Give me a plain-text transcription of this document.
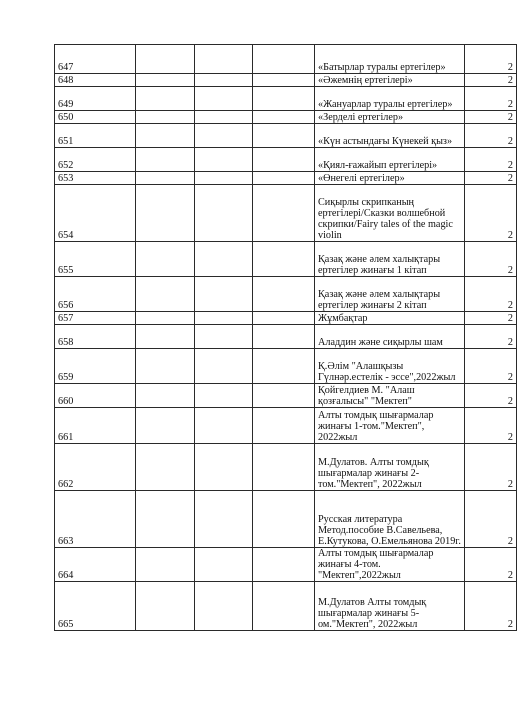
647				«Батырлар туралы ертегілер»	2
648				«Әжемнің ертегілері»	2
649				«Жануарлар туралы ертегілер»	2
650				«Зерделі ертегілер»	2
651				«Күн астындағы Күнекей қыз»	2
652				«Қиял-ғажайып ертегілері»	2
653				«Өнегелі ертегілер»	2
654				Сиқырлы скрипканың ертегілері/Сказки волшебной скрипки/Fairy tales of the magic violin	2
655				Қазақ және әлем халықтары ертегілер жинағы 1 кітап	2
656				Қазақ және әлем халықтары ертегілер жинағы 2 кітап	2
657				Жұмбақтар	2
658				Аладдин және сиқырлы шам	2
659				Қ.Әлім "Алашқызы Гүлнәр.естелік - эссе",2022жыл	2
660				Қойгелдиев М. "Алаш қозғалысы" "Мектеп"	2
661				Алты томдық шығармалар жинағы 1-том."Мектеп", 2022жыл	2
662				М.Дулатов. Алты томдық шығармалар жинағы 2-том."Мектеп", 2022жыл	2
663				Русская литература Метод.пособие В.Савельева, Е.Кутукова, О.Емельянова 2019г.	2
664				Алты томдық шығармалар жинағы 4-том. "Мектеп",2022жыл	2
665				М.Дулатов Алты томдық шығармалар жинағы 5- ом."Мектеп", 2022жыл	2
